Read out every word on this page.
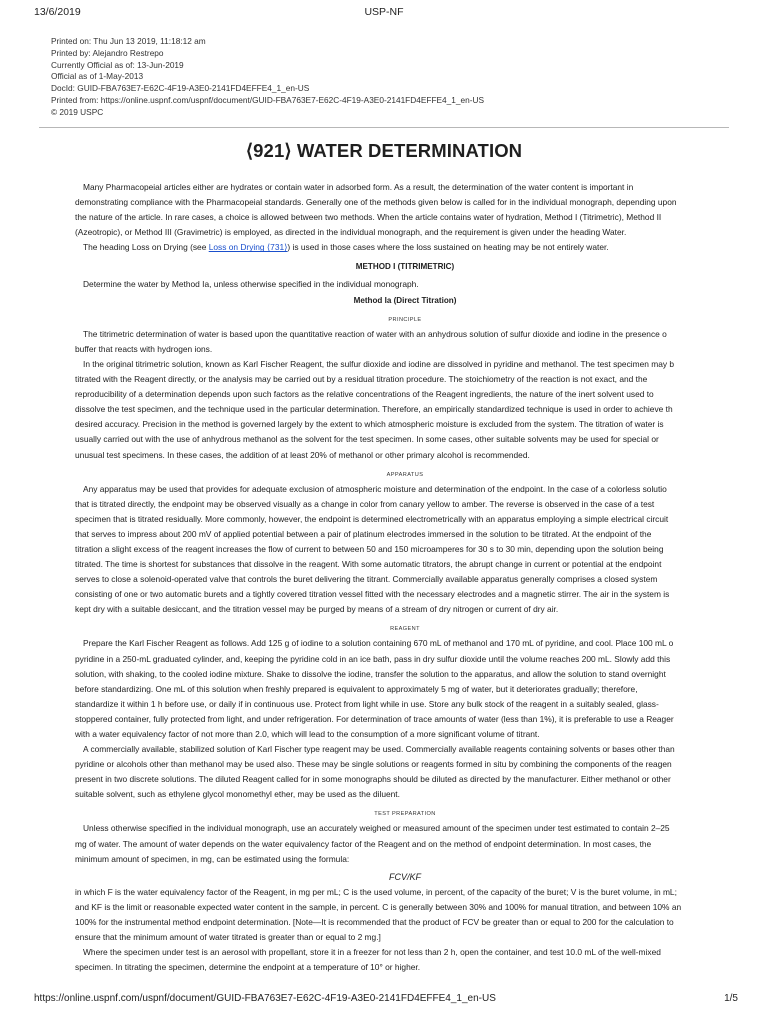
13/6/2019	USP-NF
Printed on: Thu Jun 13 2019, 11:18:12 am
Printed by: Alejandro Restrepo
Currently Official as of: 13-Jun-2019
Official as of 1-May-2013
DocId: GUID-FBA763E7-E62C-4F19-A3E0-2141FD4EFFE4_1_en-US
Printed from: https://online.uspnf.com/uspnf/document/GUID-FBA763E7-E62C-4F19-A3E0-2141FD4EFFE4_1_en-US
© 2019 USPC
⟨921⟩ WATER DETERMINATION

Many Pharmacopeial articles either are hydrates or contain water in adsorbed form. As a result, the determination of the water content is important in

demonstrating compliance with the Pharmacopeial standards. Generally one of the methods given below is called for in the individual monograph, depending upon

the nature of the article. In rare cases, a choice is allowed between two methods. When the article contains water of hydration, Method I (Titrimetric), Method II

(Azeotropic), or Method III (Gravimetric) is employed, as directed in the individual monograph, and the requirement is given under the heading Water.

The heading Loss on Drying (see Loss on Drying ⟨731⟩) is used in those cases where the loss sustained on heating may be not entirely water.

METHOD I (TITRIMETRIC)

Determine the water by Method Ia, unless otherwise specified in the individual monograph.

Method Ia (Direct Titration)

PRINCIPLE

The titrimetric determination of water is based upon the quantitative reaction of water with an anhydrous solution of sulfur dioxide and iodine in the presence o

buffer that reacts with hydrogen ions.

In the original titrimetric solution, known as Karl Fischer Reagent, the sulfur dioxide and iodine are dissolved in pyridine and methanol. The test specimen may b

titrated with the Reagent directly, or the analysis may be carried out by a residual titration procedure. The stoichiometry of the reaction is not exact, and the

reproducibility of a determination depends upon such factors as the relative concentrations of the Reagent ingredients, the nature of the inert solvent used to

dissolve the test specimen, and the technique used in the particular determination. Therefore, an empirically standardized technique is used in order to achieve th

desired accuracy. Precision in the method is governed largely by the extent to which atmospheric moisture is excluded from the system. The titration of water is

usually carried out with the use of anhydrous methanol as the solvent for the test specimen. In some cases, other suitable solvents may be used for special or

unusual test specimens. In these cases, the addition of at least 20% of methanol or other primary alcohol is recommended.

APPARATUS

Any apparatus may be used that provides for adequate exclusion of atmospheric moisture and determination of the endpoint. In the case of a colorless solutio

that is titrated directly, the endpoint may be observed visually as a change in color from canary yellow to amber. The reverse is observed in the case of a test

specimen that is titrated residually. More commonly, however, the endpoint is determined electrometrically with an apparatus employing a simple electrical circuit

that serves to impress about 200 mV of applied potential between a pair of platinum electrodes immersed in the solution to be titrated. At the endpoint of the

titration a slight excess of the reagent increases the flow of current to between 50 and 150 microamperes for 30 s to 30 min, depending upon the solution being

titrated. The time is shortest for substances that dissolve in the reagent. With some automatic titrators, the abrupt change in current or potential at the endpoint

serves to close a solenoid-operated valve that controls the buret delivering the titrant. Commercially available apparatus generally comprises a closed system

consisting of one or two automatic burets and a tightly covered titration vessel fitted with the necessary electrodes and a magnetic stirrer. The air in the system is

kept dry with a suitable desiccant, and the titration vessel may be purged by means of a stream of dry nitrogen or current of dry air.

REAGENT

Prepare the Karl Fischer Reagent as follows. Add 125 g of iodine to a solution containing 670 mL of methanol and 170 mL of pyridine, and cool. Place 100 mL o

pyridine in a 250-mL graduated cylinder, and, keeping the pyridine cold in an ice bath, pass in dry sulfur dioxide until the volume reaches 200 mL. Slowly add this

solution, with shaking, to the cooled iodine mixture. Shake to dissolve the iodine, transfer the solution to the apparatus, and allow the solution to stand overnight

before standardizing. One mL of this solution when freshly prepared is equivalent to approximately 5 mg of water, but it deteriorates gradually; therefore,

standardize it within 1 h before use, or daily if in continuous use. Protect from light while in use. Store any bulk stock of the reagent in a suitably sealed, glass-

stoppered container, fully protected from light, and under refrigeration. For determination of trace amounts of water (less than 1%), it is preferable to use a Reager

with a water equivalency factor of not more than 2.0, which will lead to the consumption of a more significant volume of titrant.

A commercially available, stabilized solution of Karl Fischer type reagent may be used. Commercially available reagents containing solvents or bases other than

pyridine or alcohols other than methanol may be used also. These may be single solutions or reagents formed in situ by combining the components of the reagen

present in two discrete solutions. The diluted Reagent called for in some monographs should be diluted as directed by the manufacturer. Either methanol or other

suitable solvent, such as ethylene glycol monomethyl ether, may be used as the diluent.

TEST PREPARATION

Unless otherwise specified in the individual monograph, use an accurately weighed or measured amount of the specimen under test estimated to contain 2–25

mg of water. The amount of water depends on the water equivalency factor of the Reagent and on the method of endpoint determination. In most cases, the

minimum amount of specimen, in mg, can be estimated using the formula:

FCV/KF

in which F is the water equivalency factor of the Reagent, in mg per mL; C is the used volume, in percent, of the capacity of the buret; V is the buret volume, in mL;

and KF is the limit or reasonable expected water content in the sample, in percent. C is generally between 30% and 100% for manual titration, and between 10% an

100% for the instrumental method endpoint determination. [Note—It is recommended that the product of FCV be greater than or equal to 200 for the calculation to

ensure that the minimum amount of water titrated is greater than or equal to 2 mg.]

Where the specimen under test is an aerosol with propellant, store it in a freezer for not less than 2 h, open the container, and test 10.0 mL of the well-mixed

specimen. In titrating the specimen, determine the endpoint at a temperature of 10° or higher.

https://online.uspnf.com/uspnf/document/GUID-FBA763E7-E62C-4F19-A3E0-2141FD4EFFE4_1_en-US	1/5
